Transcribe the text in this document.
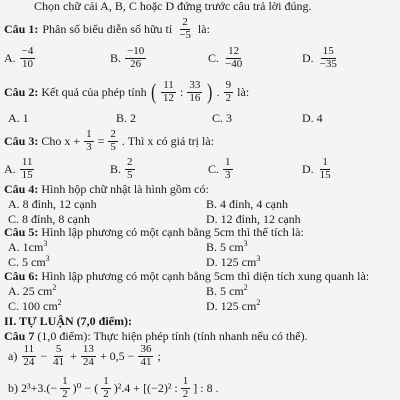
Chọn chữ cái A, B, C hoặc D đứng trước câu trả lời đúng.
Câu 1: Phân số biểu diễn số hữu tỉ $\frac{2}{-5}$ là:
A. $\frac{-4}{10}$	B. $\frac{-10}{26}$	C. $\frac{12}{-40}$	D. $\frac{15}{-35}$
Câu 2: Kết quả của phép tính ( $\frac{11}{12}$ : $\frac{33}{16}$ ) . $\frac{9}{2}$ là:
A. 1	B. 2	C. 3	D. 4
Câu 3: Cho $x + \frac{1}{3} = \frac{2}{5}$ . Thì x có giá trị là:
A. $\frac{11}{15}$	B. $\frac{2}{5}$	C. $\frac{1}{3}$	D. $\frac{1}{15}$
Câu 4: Hình hộp chữ nhật là hình gồm có:
A. 8 đỉnh, 12 cạnh	B. 4 đỉnh, 4 cạnh
C. 8 đỉnh, 8 cạnh	D. 12 đỉnh, 12 cạnh
Câu 5: Hình lập phương có một cạnh bằng 5cm thì thể tích là:
A. $1cm^3$	B. 5 $cm^3$
C. 5 $cm^3$	D. 125 $cm^3$
Câu 6: Hình lập phương có một cạnh bằng 5cm thì diện tích xung quanh là:
A. 25 $cm^2$	B. 5 $cm^2$
C. 100 $cm^2$	D. 125 $cm^2$
II. TỰ LUẬN (7,0 điểm):
Câu 7 (1,0 điểm): Thực hiện phép tính (tính nhanh nếu có thể).
$a) \frac{11}{24} - \frac{5}{41} + \frac{13}{24} + 0,5 - \frac{36}{41}$ ;
b) $2^3+3.(- \frac{1}{2} )^0$ − ( $\frac{1}{2} )^2.4 + [(-2)^2$ : $\frac{1}{2}$ ] : 8 .
